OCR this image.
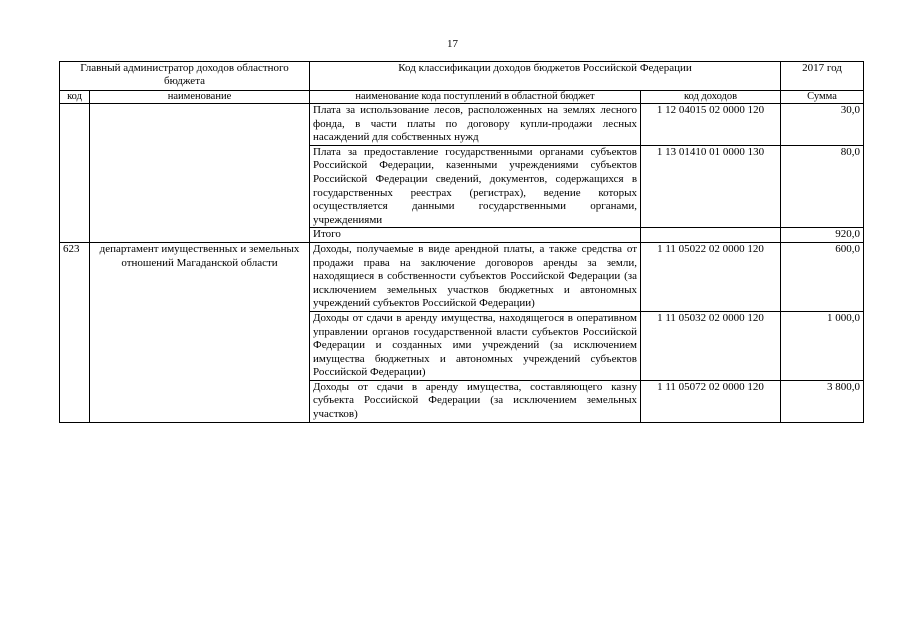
17
Главный администратор доходов областного бюджета		Код классификации доходов бюджетов Российской Федерации		2017 год
код	наименование	наименование кода поступлений в областной бюджет	код доходов	Сумма
		Плата за использование лесов, расположенных на землях лесного фонда, в части платы по договору купли-продажи лесных насаждений для собственных нужд	1 12 04015 02 0000 120	30,0
		Плата за предоставление государственными органами субъектов Российской Федерации, казенными учреждениями субъектов Российской Федерации сведений, документов, содержащихся в государственных реестрах (регистрах), ведение которых осуществляется данными государственными органами, учреждениями	1 13 01410 01 0000 130	80,0
		Итого		920,0
623	департамент имущественных и земельных отношений Магаданской области	Доходы, получаемые в виде арендной платы, а также средства от продажи права на заключение договоров аренды за земли, находящиеся в собственности субъектов Российской Федерации (за исключением земельных участков бюджетных и автономных учреждений субъектов Российской Федерации)	1 11 05022 02 0000 120	600,0
		Доходы от сдачи в аренду имущества, находящегося в оперативном управлении органов государственной власти субъектов Российской Федерации и созданных ими учреждений (за исключением имущества бюджетных и автономных учреждений субъектов Российской Федерации)	1 11 05032 02 0000 120	1 000,0
		Доходы от сдачи в аренду имущества, составляющего казну субъекта Российской Федерации (за исключением земельных участков)	1 11 05072 02 0000 120	3 800,0
